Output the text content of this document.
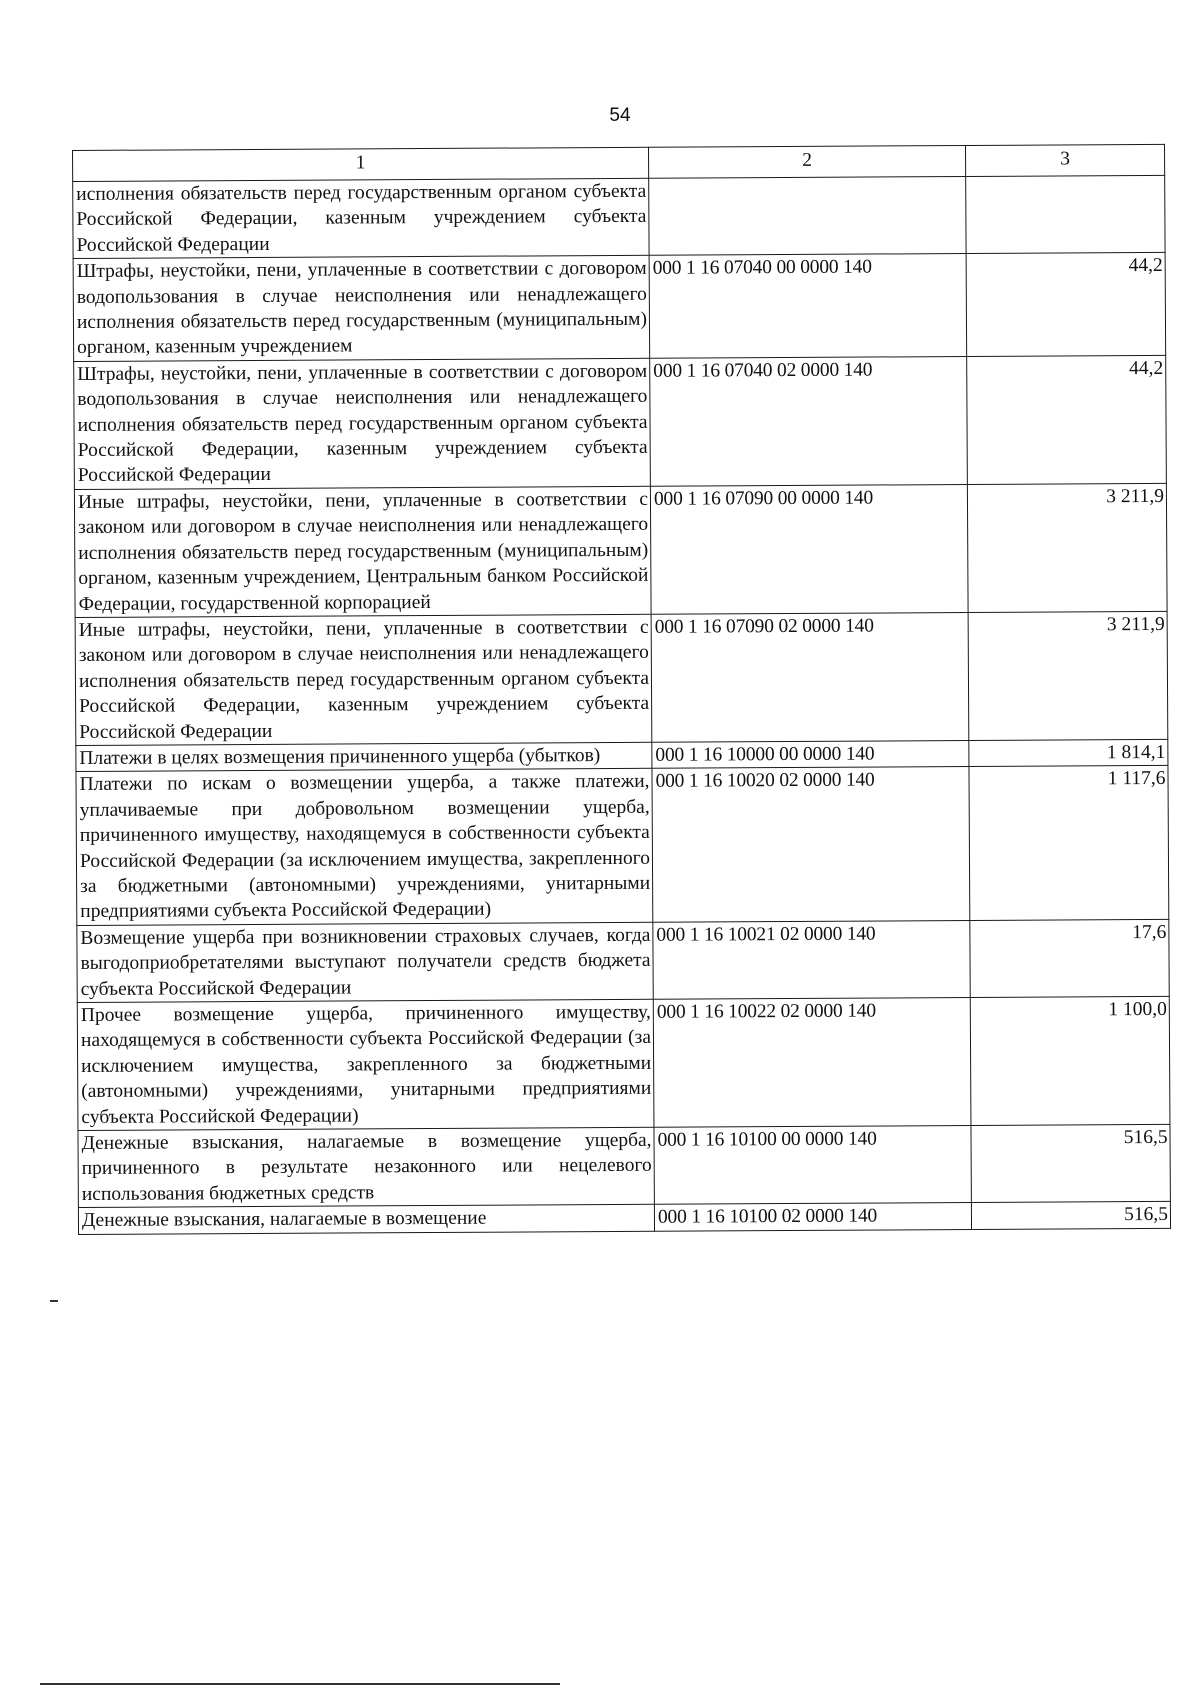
54
1	2	3
исполнения обязательств перед государственным органом субъекта Российской Федерации, казенным учреждением субъекта Российской Федерации		
Штрафы, неустойки, пени, уплаченные в соответствии с договором водопользования в случае неисполнения или ненадлежащего исполнения обязательств перед государственным (муниципальным) органом, казенным учреждением	000 1 16 07040 00 0000 140	44,2
Штрафы, неустойки, пени, уплаченные в соответствии с договором водопользования в случае неисполнения или ненадлежащего исполнения обязательств перед государственным органом субъекта Российской Федерации, казенным учреждением субъекта Российской Федерации	000 1 16 07040 02 0000 140	44,2
Иные штрафы, неустойки, пени, уплаченные в соответствии с законом или договором в случае неисполнения или ненадлежащего исполнения обязательств перед государственным (муниципальным) органом, казенным учреждением, Центральным банком Российской Федерации, государственной корпорацией	000 1 16 07090 00 0000 140	3 211,9
Иные штрафы, неустойки, пени, уплаченные в соответствии с законом или договором в случае неисполнения или ненадлежащего исполнения обязательств перед государственным органом субъекта Российской Федерации, казенным учреждением субъекта Российской Федерации	000 1 16 07090 02 0000 140	3 211,9
Платежи в целях возмещения причиненного ущерба (убытков)	000 1 16 10000 00 0000 140	1 814,1
Платежи по искам о возмещении ущерба, а также платежи, уплачиваемые при добровольном возмещении ущерба, причиненного имуществу, находящемуся в собственности субъекта Российской Федерации (за исключением имущества, закрепленного за бюджетными (автономными) учреждениями, унитарными предприятиями субъекта Российской Федерации)	000 1 16 10020 02 0000 140	1 117,6
Возмещение ущерба при возникновении страховых случаев, когда выгодоприобретателями выступают получатели средств бюджета субъекта Российской Федерации	000 1 16 10021 02 0000 140	17,6
Прочее возмещение ущерба, причиненного имуществу, находящемуся в собственности субъекта Российской Федерации (за исключением имущества, закрепленного за бюджетными (автономными) учреждениями, унитарными предприятиями субъекта Российской Федерации)	000 1 16 10022 02 0000 140	1 100,0
Денежные взыскания, налагаемые в возмещение ущерба, причиненного в результате незаконного или нецелевого использования бюджетных средств	000 1 16 10100 00 0000 140	516,5
Денежные взыскания, налагаемые в возмещение	000 1 16 10100 02 0000 140	516,5
